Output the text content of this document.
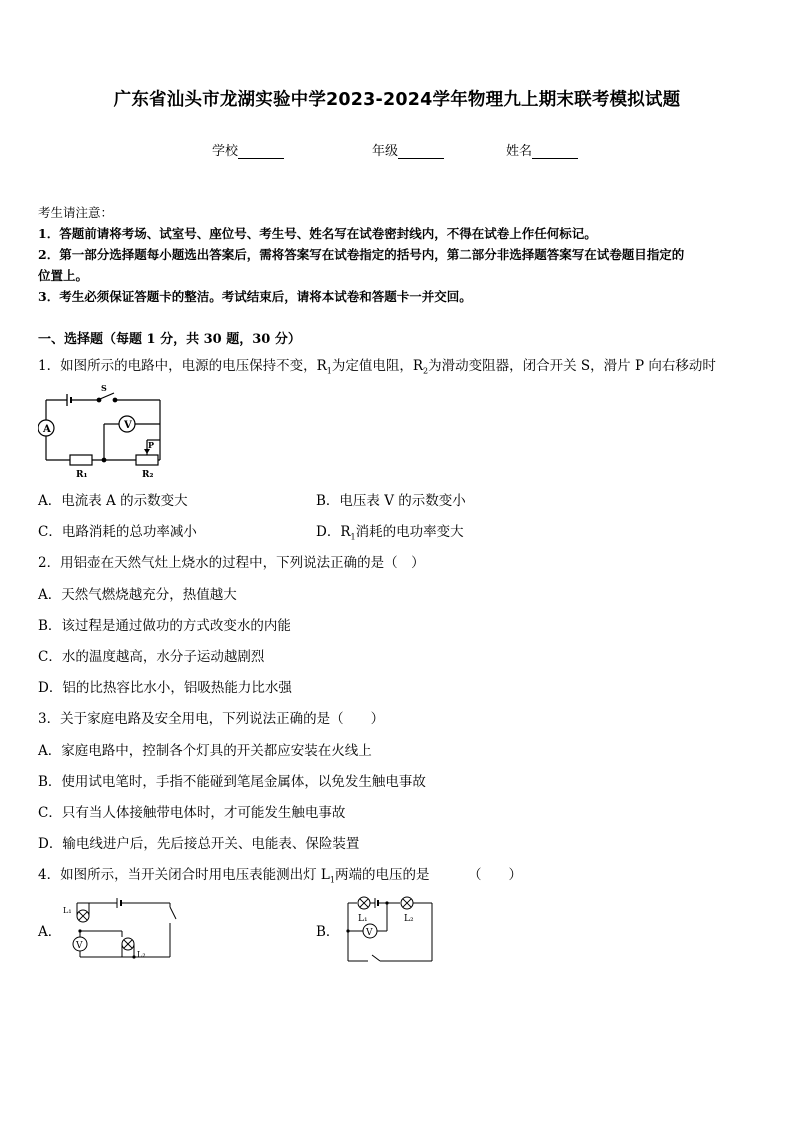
广东省汕头市龙湖实验中学2023-2024学年物理九上期末联考模拟试题
学校	年级	姓名
考生请注意：
1．答题前请将考场、试室号、座位号、考生号、姓名写在试卷密封线内，不得在试卷上作任何标记。
2．第一部分选择题每小题选出答案后，需将答案写在试卷指定的括号内，第二部分非选择题答案写在试卷题目指定的
位置上。
3．考生必须保证答题卡的整洁。考试结束后，请将本试卷和答题卡一并交回。
一、选择题（每题 1 分，共 30 题，30 分）
1．如图所示的电路中，电源的电压保持不变，$R_1$为定值电阻，$R_2$为滑动变阻器，闭合开关 S，滑片 P 向右移动时
A	V
S
P
R₁	R₂
A．电流表 A 的示数变大	B．电压表 V 的示数变小
C．电路消耗的总功率减小	D．$R_1$消耗的电功率变大
2．用铝壶在天然气灶上烧水的过程中，下列说法正确的是（　）
A．天然气燃烧越充分，热值越大
B．该过程是通过做功的方式改变水的内能
C．水的温度越高，水分子运动越剧烈
D．铝的比热容比水小，铝吸热能力比水强
3．关于家庭电路及安全用电，下列说法正确的是（　　）
A．家庭电路中，控制各个灯具的开关都应安装在火线上
B．使用试电笔时，手指不能碰到笔尾金属体，以免发生触电事故
C．只有当人体接触带电体时，才可能发生触电事故
D．输电线进户后，先后接总开关、电能表、保险装置
4．如图所示，当开关闭合时用电压表能测出灯 $L_1$两端的电压的是	（　　）
A．
V
L₁
L₂
B．	V
L₁	L₂
